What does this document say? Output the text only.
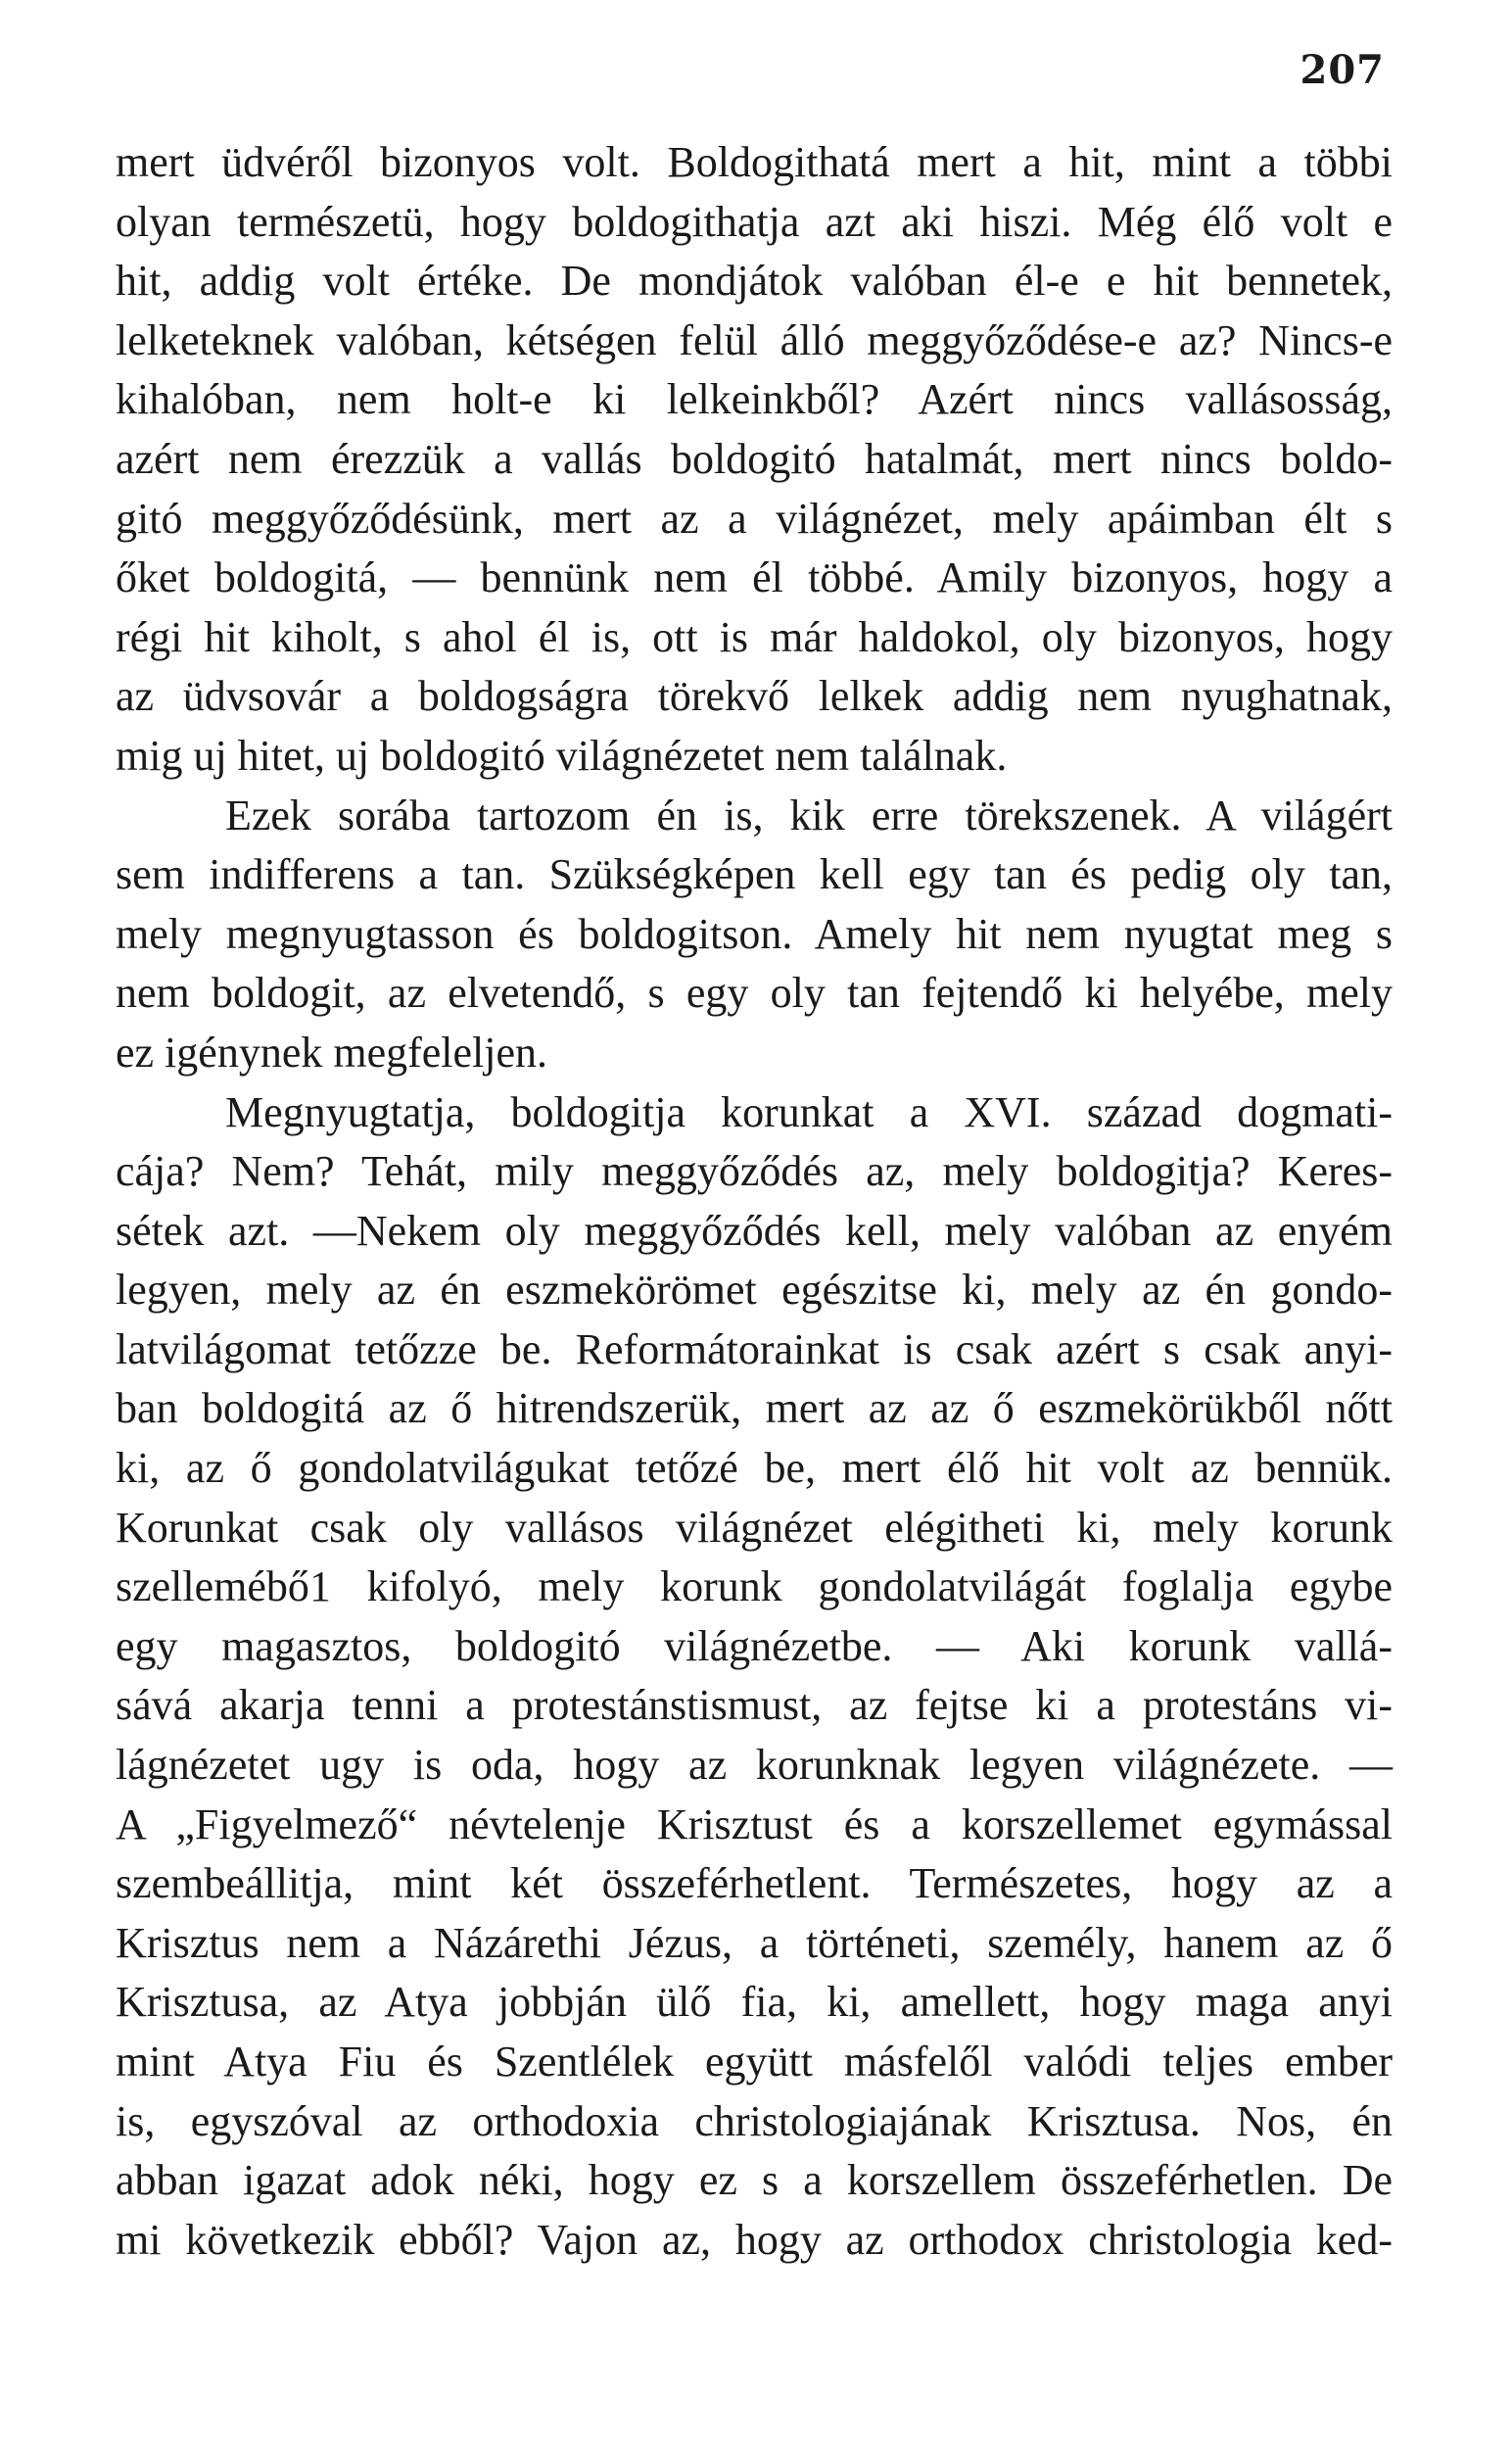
207
mert üdvéről bizonyos volt. Boldogithatá mert a hit, mint a többi
olyan természetü, hogy boldogithatja azt aki hiszi. Még élő volt e
hit, addig volt értéke. De mondjátok valóban él-e e hit bennetek,
lelketeknek valóban, kétségen felül álló meggyőződése-e az? Nincs-e
kihalóban, nem holt-e ki lelkeinkből? Azért nincs vallásosság,
azért nem érezzük a vallás boldogitó hatalmát, mert nincs boldo-
gitó meggyőződésünk, mert az a világnézet, mely apáimban élt s
őket boldogitá, — bennünk nem él többé. Amily bizonyos, hogy a
régi hit kiholt, s ahol él is, ott is már haldokol, oly bizonyos, hogy
az üdvsovár a boldogságra törekvő lelkek addig nem nyughatnak,
mig uj hitet, uj boldogitó világnézetet nem találnak.
Ezek sorába tartozom én is, kik erre törekszenek. A világért
sem indifferens a tan. Szükségképen kell egy tan és pedig oly tan,
mely megnyugtasson és boldogitson. Amely hit nem nyugtat meg s
nem boldogit, az elvetendő, s egy oly tan fejtendő ki helyébe, mely
ez igénynek megfeleljen.
Megnyugtatja, boldogitja korunkat a XVI. század dogmati-
cája? Nem? Tehát, mily meggyőződés az, mely boldogitja? Keres-
sétek azt. —Nekem oly meggyőződés kell, mely valóban az enyém
legyen, mely az én eszmekörömet egészitse ki, mely az én gondo-
latvilágomat tetőzze be. Reformátorainkat is csak azért s csak anyi-
ban boldogitá az ő hitrendszerük, mert az az ő eszmekörükből nőtt
ki, az ő gondolatvilágukat tetőzé be, mert élő hit volt az bennük.
Korunkat csak oly vallásos világnézet elégitheti ki, mely korunk
szellemébő1 kifolyó, mely korunk gondolatvilágát foglalja egybe
egy magasztos, boldogitó világnézetbe. — Aki korunk vallá-
sává akarja tenni a protestánstismust, az fejtse ki a protestáns vi-
lágnézetet ugy is oda, hogy az korunknak legyen világnézete. —
A „Figyelmező“ névtelenje Krisztust és a korszellemet egymással
szembeállitja, mint két összeférhetlent. Természetes, hogy az a
Krisztus nem a Názárethi Jézus, a történeti, személy, hanem az ő
Krisztusa, az Atya jobbján ülő fia, ki, amellett, hogy maga anyi
mint Atya Fiu és Szentlélek együtt másfelől valódi teljes ember
is, egyszóval az orthodoxia christologiajának Krisztusa. Nos, én
abban igazat adok néki, hogy ez s a korszellem összeférhetlen. De
mi következik ebből? Vajon az, hogy az orthodox christologia ked-
